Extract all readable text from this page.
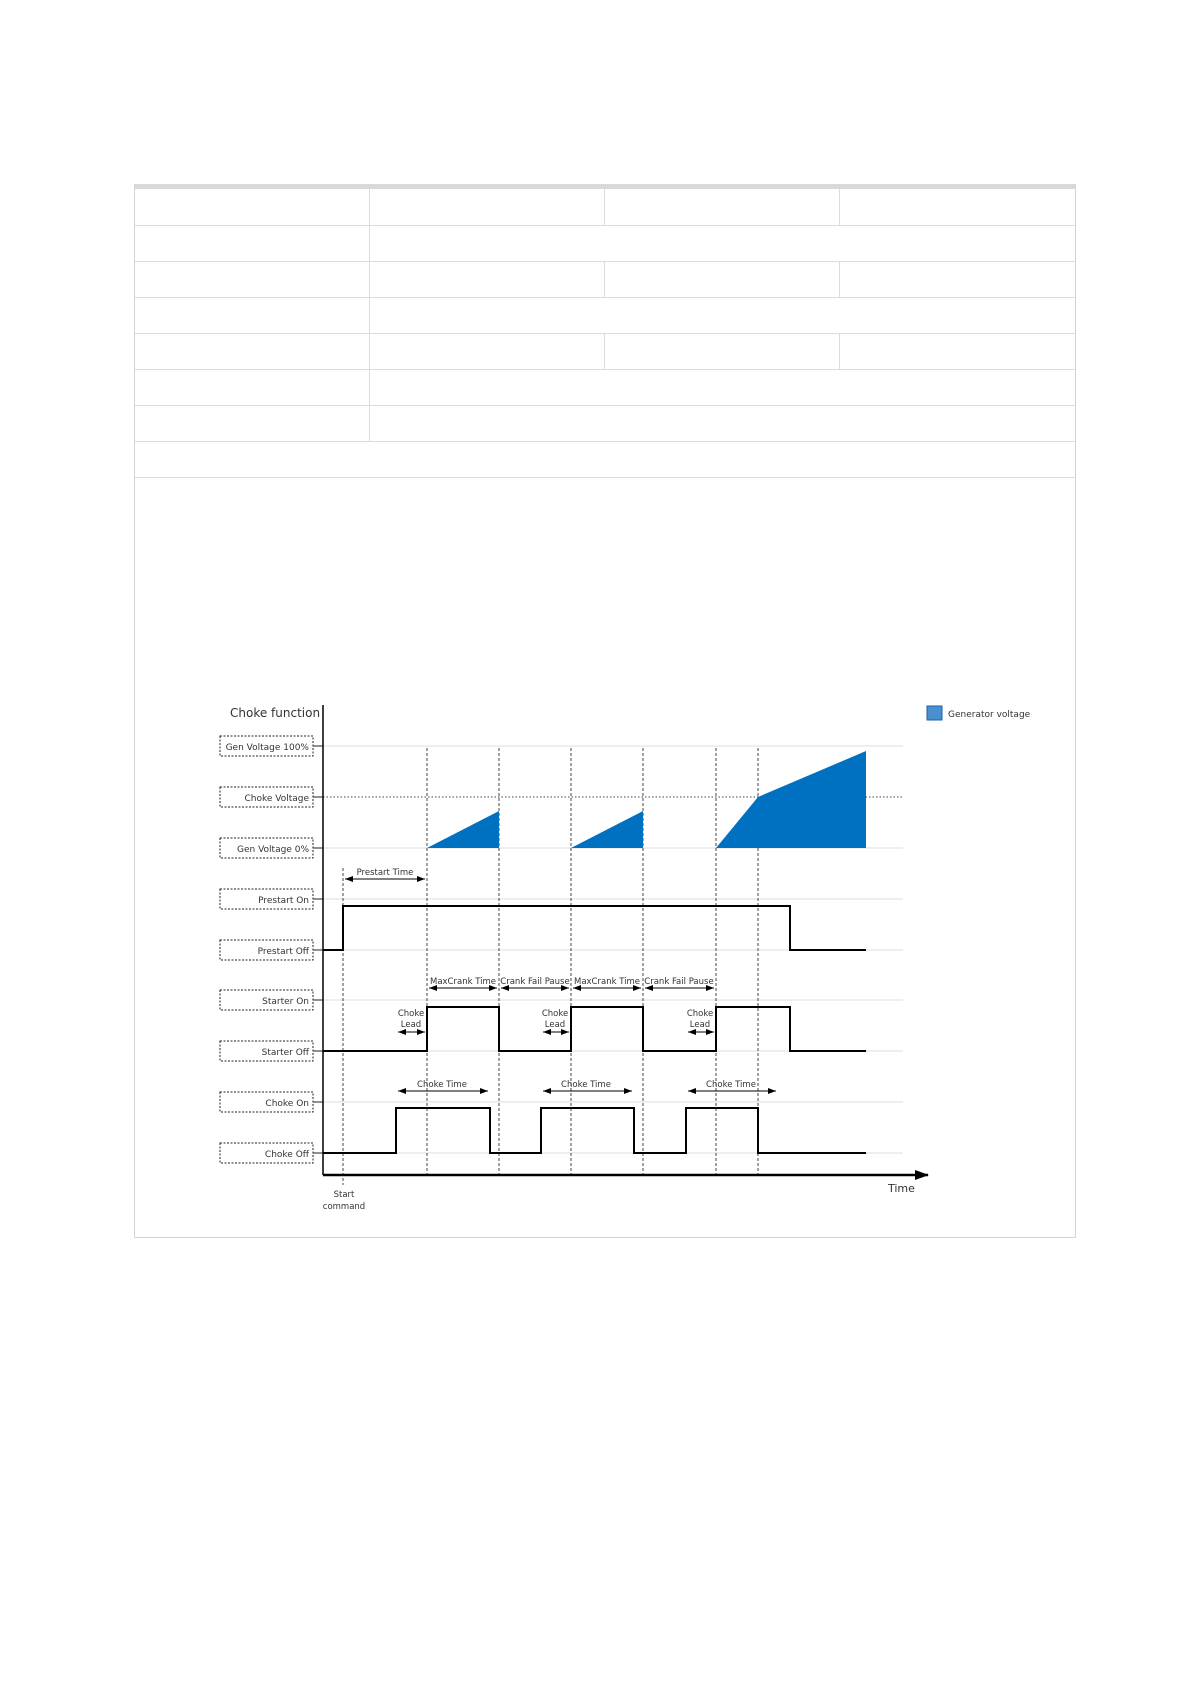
Choke function	Generator voltage
Gen Voltage 100%
Choke Voltage
Gen Voltage 0%
Prestart On
Prestart Off
Starter On
Starter Off
Choke On
Choke Off
Time
Start
command
Prestart Time
MaxCrank Time Crank Fail Pause MaxCrank Time Crank Fail Pause
Choke
Lead
Choke
Lead
Choke
Lead
Choke Time	Choke Time	Choke Time
